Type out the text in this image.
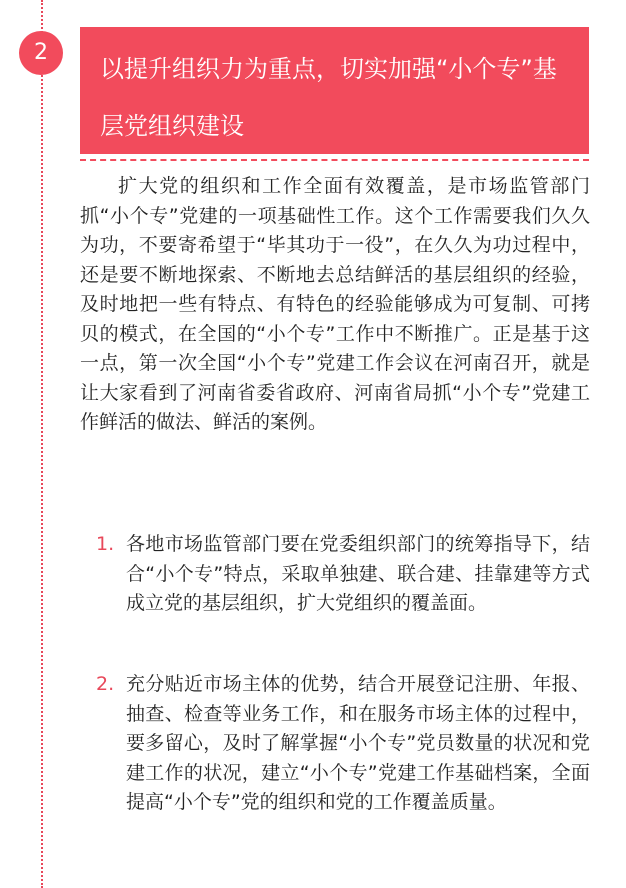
2
以提升组织力为重点，切实加强“小个专”基层党组织建设

扩大党的组织和工作全面有效覆盖，是市场监管部门抓“小个专”党建的一项基础性工作。这个工作需要我们久久为功，不要寄希望于“毕其功于一役”，在久久为功过程中，还是要不断地探索、不断地去总结鲜活的基层组织的经验，及时地把一些有特点、有特色的经验能够成为可复制、可拷贝的模式，在全国的“小个专”工作中不断推广。正是基于这一点，第一次全国“小个专”党建工作会议在河南召开，就是让大家看到了河南省委省政府、河南省局抓“小个专”党建工作鲜活的做法、鲜活的案例。

1. 各地市场监管部门要在党委组织部门的统筹指导下，结合“小个专”特点，采取单独建、联合建、挂靠建等方式成立党的基层组织，扩大党组织的覆盖面。
2. 充分贴近市场主体的优势，结合开展登记注册、年报、抽查、检查等业务工作，和在服务市场主体的过程中，要多留心，及时了解掌握“小个专”党员数量的状况和党建工作的状况，建立“小个专”党建工作基础档案，全面提高“小个专”党的组织和党的工作覆盖质量。
